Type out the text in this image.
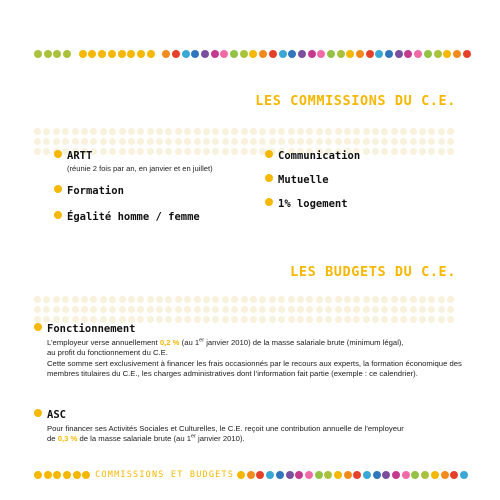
LES COMMISSIONS DU C.E.
ARTT
(réunie 2 fois par an, en janvier et en juillet)
Formation
Égalité homme / femme
Communication
Mutuelle
1% logement
LES BUDGETS DU C.E.
Fonctionnement

L’employeur verse annuellement 0,2 % (au 1er janvier 2010) de la masse salariale brute (minimum légal),

au profit du fonctionnement du C.E.

Cette somme sert exclusivement à financer les frais occasionnés par le recours aux experts, la formation économique des membres titulaires du C.E., les charges administratives dont l’information fait partie (exemple : ce calendrier).

ASC

Pour financer ses Activités Sociales et Culturelles, le C.E. reçoit une contribution annuelle de l’employeur

de 0,3 % de la masse salariale brute (au 1er janvier 2010).

COMMISSIONS ET BUDGETS
